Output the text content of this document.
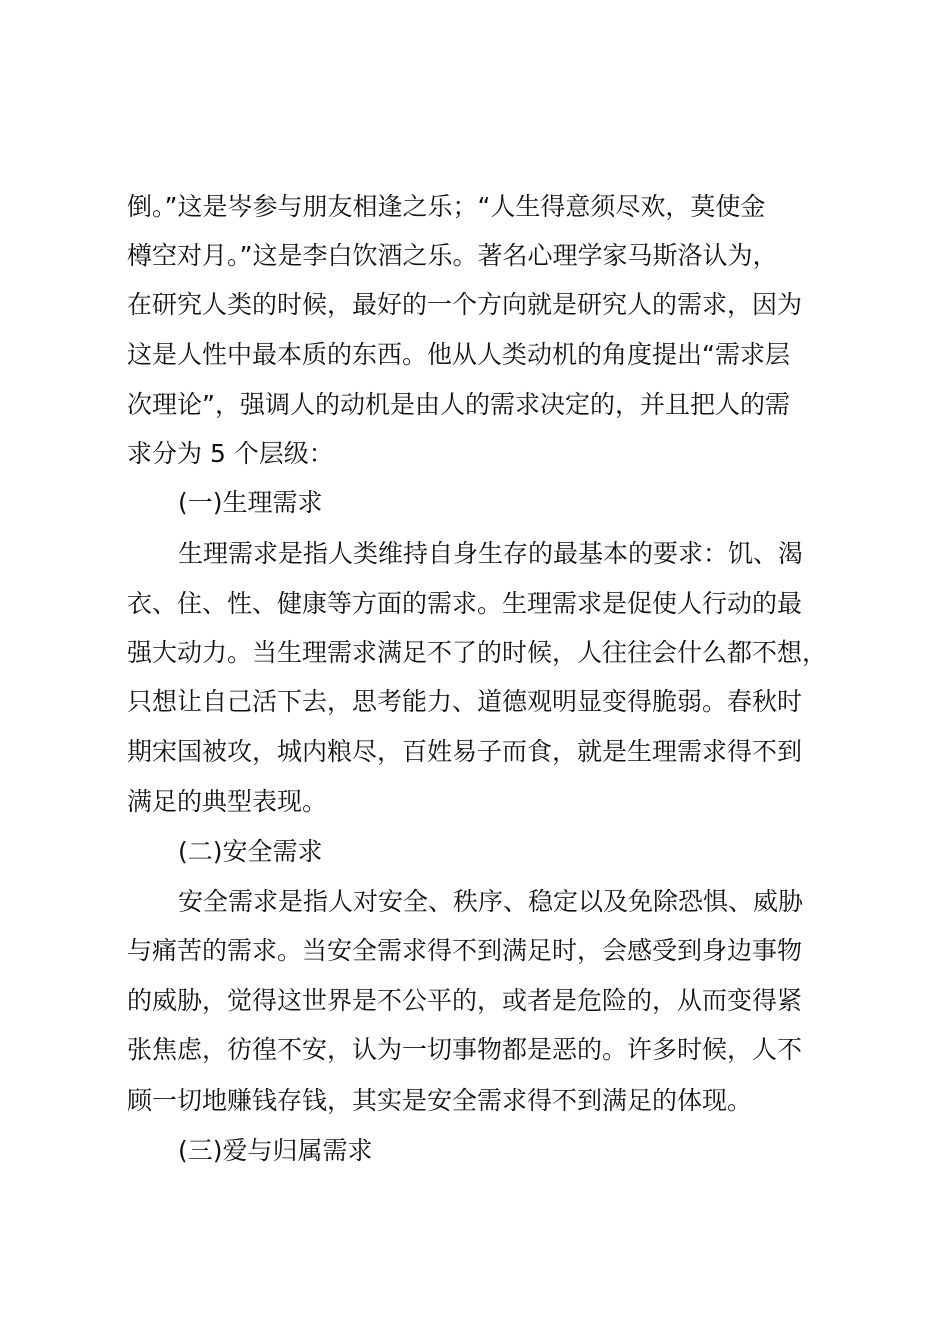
倒。”这是岑参与朋友相逢之乐；“人生得意须尽欢，莫使金
樽空对月。”这是李白饮酒之乐。著名心理学家马斯洛认为，
在研究人类的时候，最好的一个方向就是研究人的需求，因为
这是人性中最本质的东西。他从人类动机的角度提出“需求层
次理论”，强调人的动机是由人的需求决定的，并且把人的需
求分为 5 个层级：
(一)生理需求
生理需求是指人类维持自身生存的最基本的要求：饥、渴
衣、住、性、健康等方面的需求。生理需求是促使人行动的最
强大动力。当生理需求满足不了的时候，人往往会什么都不想，
只想让自己活下去，思考能力、道德观明显变得脆弱。春秋时
期宋国被攻，城内粮尽，百姓易子而食，就是生理需求得不到
满足的典型表现。
(二)安全需求
安全需求是指人对安全、秩序、稳定以及免除恐惧、威胁
与痛苦的需求。当安全需求得不到满足时，会感受到身边事物
的威胁，觉得这世界是不公平的，或者是危险的，从而变得紧
张焦虑，彷徨不安，认为一切事物都是恶的。许多时候，人不
顾一切地赚钱存钱，其实是安全需求得不到满足的体现。
(三)爱与归属需求
